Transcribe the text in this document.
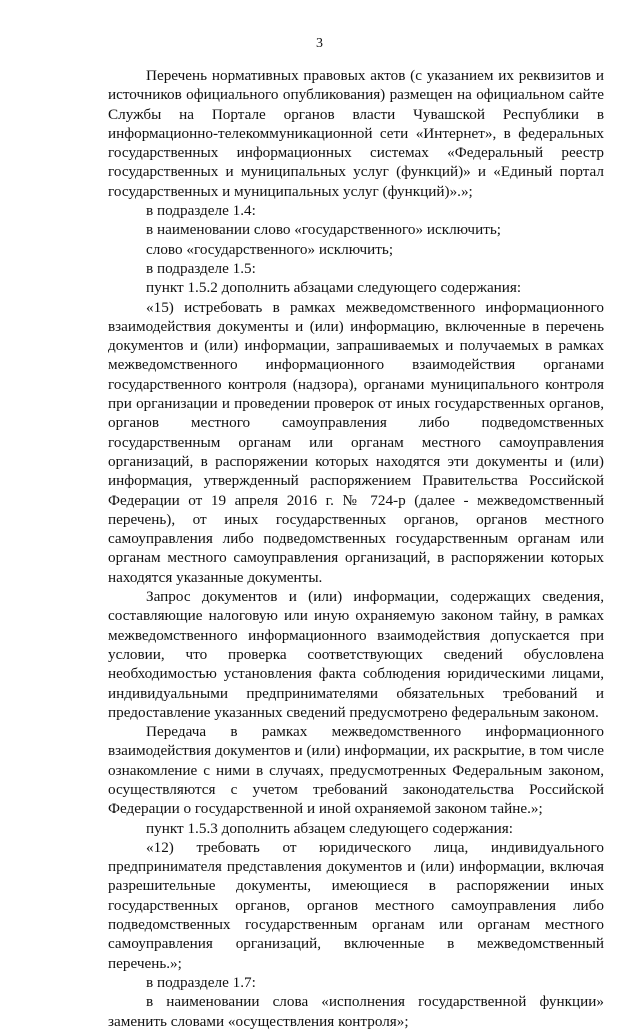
3

Перечень нормативных правовых актов (с указанием их реквизитов и источников официального опубликования) размещен на официальном сайте Службы на Портале органов власти Чувашской Республики в информационно-телекоммуникационной сети «Интернет», в федеральных государственных информационных системах «Федеральный реестр государственных и муниципальных услуг (функций)» и «Единый портал государственных и муниципальных услуг (функций)».»;

в подразделе 1.4:

в наименовании слово «государственного» исключить;

слово «государственного» исключить;

в подразделе 1.5:

пункт 1.5.2 дополнить абзацами следующего содержания:

«15) истребовать в рамках межведомственного информационного взаимодействия документы и (или) информацию, включенные в перечень документов и (или) информации, запрашиваемых и получаемых в рамках межведомственного информационного взаимодействия органами государственного контроля (надзора), органами муниципального контроля при организации и проведении проверок от иных государственных органов, органов местного самоуправления либо подведомственных государственным органам или органам местного самоуправления организаций, в распоряжении которых находятся эти документы и (или) информация, утвержденный распоряжением Правительства Российской Федерации от 19 апреля 2016 г. № 724-р (далее - межведомственный перечень), от иных государственных органов, органов местного самоуправления либо подведомственных государственным органам или органам местного самоуправления организаций, в распоряжении которых находятся указанные документы.

Запрос документов и (или) информации, содержащих сведения, составляющие налоговую или иную охраняемую законом тайну, в рамках межведомственного информационного взаимодействия допускается при условии, что проверка соответствующих сведений обусловлена необходимостью установления факта соблюдения юридическими лицами, индивидуальными предпринимателями обязательных требований и предоставление указанных сведений предусмотрено федеральным законом.

Передача в рамках межведомственного информационного взаимодействия документов и (или) информации, их раскрытие, в том числе ознакомление с ними в случаях, предусмотренных Федеральным законом, осуществляются с учетом требований законодательства Российской Федерации о государственной и иной охраняемой законом тайне.»;

пункт 1.5.3 дополнить абзацем следующего содержания:

«12) требовать от юридического лица, индивидуального предпринимателя представления документов и (или) информации, включая разрешительные документы, имеющиеся в распоряжении иных государственных органов, органов местного самоуправления либо подведомственных государственным органам или органам местного самоуправления организаций, включенные в межведомственный перечень.»;

в подразделе 1.7:

в наименовании слова «исполнения государственной функции» заменить словами «осуществления контроля»;
